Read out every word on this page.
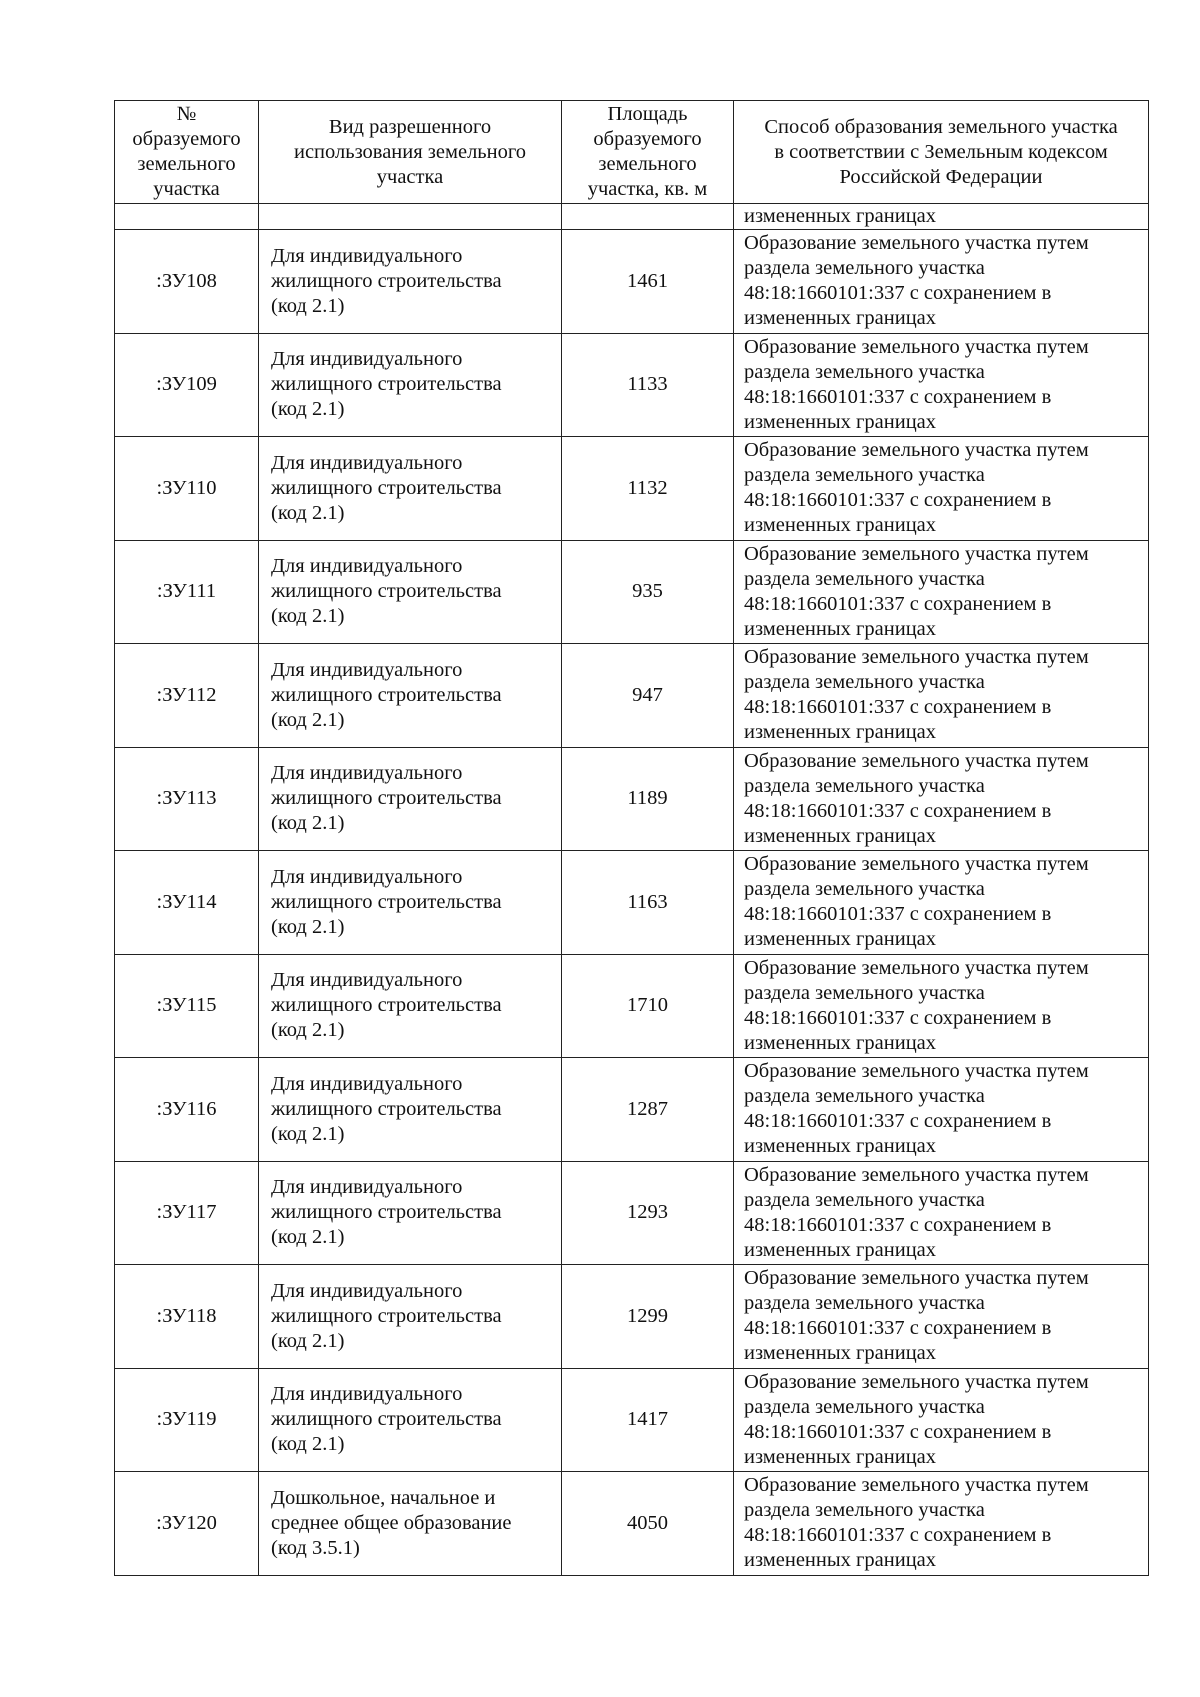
№
образуемого
земельного
участка	Вид разрешенного
использования земельного
участка	Площадь
образуемого
земельного
участка, кв. м	Способ образования земельного участка
в соответствии с Земельным кодексом
Российской Федерации

			измененных границах
:ЗУ108	Для индивидуального
жилищного строительства
(код 2.1)	1461	Образование земельного участка путем
раздела земельного участка
48:18:1660101:337 с сохранением в
измененных границах

:ЗУ109	Для индивидуального
жилищного строительства
(код 2.1)	1133	Образование земельного участка путем
раздела земельного участка
48:18:1660101:337 с сохранением в
измененных границах

:ЗУ110	Для индивидуального
жилищного строительства
(код 2.1)	1132	Образование земельного участка путем
раздела земельного участка
48:18:1660101:337 с сохранением в
измененных границах

:ЗУ111	Для индивидуального
жилищного строительства
(код 2.1)	935	Образование земельного участка путем
раздела земельного участка
48:18:1660101:337 с сохранением в
измененных границах

:ЗУ112	Для индивидуального
жилищного строительства
(код 2.1)	947	Образование земельного участка путем
раздела земельного участка
48:18:1660101:337 с сохранением в
измененных границах

:ЗУ113	Для индивидуального
жилищного строительства
(код 2.1)	1189	Образование земельного участка путем
раздела земельного участка
48:18:1660101:337 с сохранением в
измененных границах

:ЗУ114	Для индивидуального
жилищного строительства
(код 2.1)	1163	Образование земельного участка путем
раздела земельного участка
48:18:1660101:337 с сохранением в
измененных границах

:ЗУ115	Для индивидуального
жилищного строительства
(код 2.1)	1710	Образование земельного участка путем
раздела земельного участка
48:18:1660101:337 с сохранением в
измененных границах

:ЗУ116	Для индивидуального
жилищного строительства
(код 2.1)	1287	Образование земельного участка путем
раздела земельного участка
48:18:1660101:337 с сохранением в
измененных границах

:ЗУ117	Для индивидуального
жилищного строительства
(код 2.1)	1293	Образование земельного участка путем
раздела земельного участка
48:18:1660101:337 с сохранением в
измененных границах

:ЗУ118	Для индивидуального
жилищного строительства
(код 2.1)	1299	Образование земельного участка путем
раздела земельного участка
48:18:1660101:337 с сохранением в
измененных границах

:ЗУ119	Для индивидуального
жилищного строительства
(код 2.1)	1417	Образование земельного участка путем
раздела земельного участка
48:18:1660101:337 с сохранением в
измененных границах

:ЗУ120	Дошкольное, начальное и
среднее общее образование
(код 3.5.1)	4050	Образование земельного участка путем
раздела земельного участка
48:18:1660101:337 с сохранением в
измененных границах
